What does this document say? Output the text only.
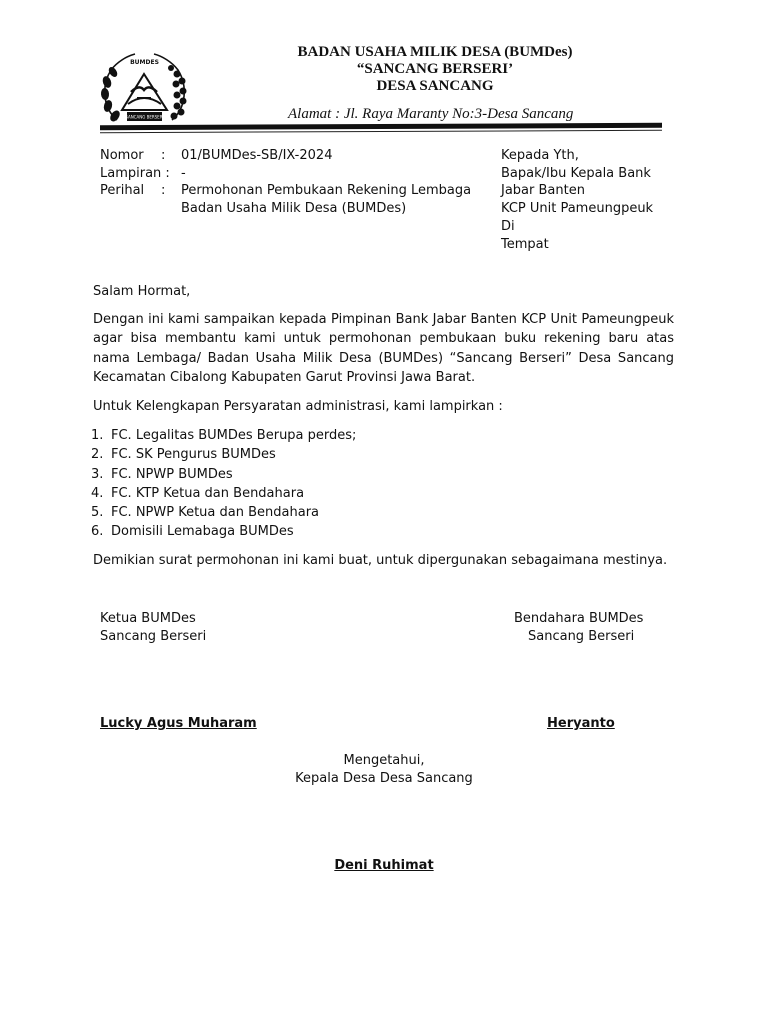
BUMDES
SANCANG BERSERI
BADAN USAHA MILIK DESA (BUMDes)
“SANCANG BERSERI’
DESA SANCANG
Alamat : Jl. Raya Maranty No:3-Desa Sancang
Nomor
Lampiran :
Perihal
:
:
01/BUMDes-SB/IX-2024
-
Permohonan Pembukaan Rekening Lembaga
Badan Usaha Milik Desa (BUMDes)
Kepada Yth,
Bapak/Ibu Kepala Bank
Jabar Banten
KCP Unit Pameungpeuk
Di
Tempat
Salam Hormat,
Dengan ini kami sampaikan kepada Pimpinan Bank Jabar Banten KCP Unit Pameungpeuk agar bisa membantu kami untuk permohonan pembukaan buku rekening baru atas nama Lembaga/ Badan Usaha Milik Desa (BUMDes) “Sancang Berseri” Desa Sancang Kecamatan Cibalong Kabupaten Garut Provinsi Jawa Barat.
Untuk Kelengkapan Persyaratan administrasi, kami lampirkan :
1. FC. Legalitas BUMDes Berupa perdes;
2. FC. SK Pengurus BUMDes
3. FC. NPWP BUMDes
4. FC. KTP Ketua dan Bendahara
5. FC. NPWP Ketua dan Bendahara
6. Domisili Lemabaga BUMDes
Demikian surat permohonan ini kami buat, untuk dipergunakan sebagaimana mestinya.
Ketua BUMDes
Sancang Berseri
Lucky Agus Muharam
Bendahara BUMDes
Sancang Berseri
Heryanto
Mengetahui,
Kepala Desa Desa Sancang
Deni Ruhimat
